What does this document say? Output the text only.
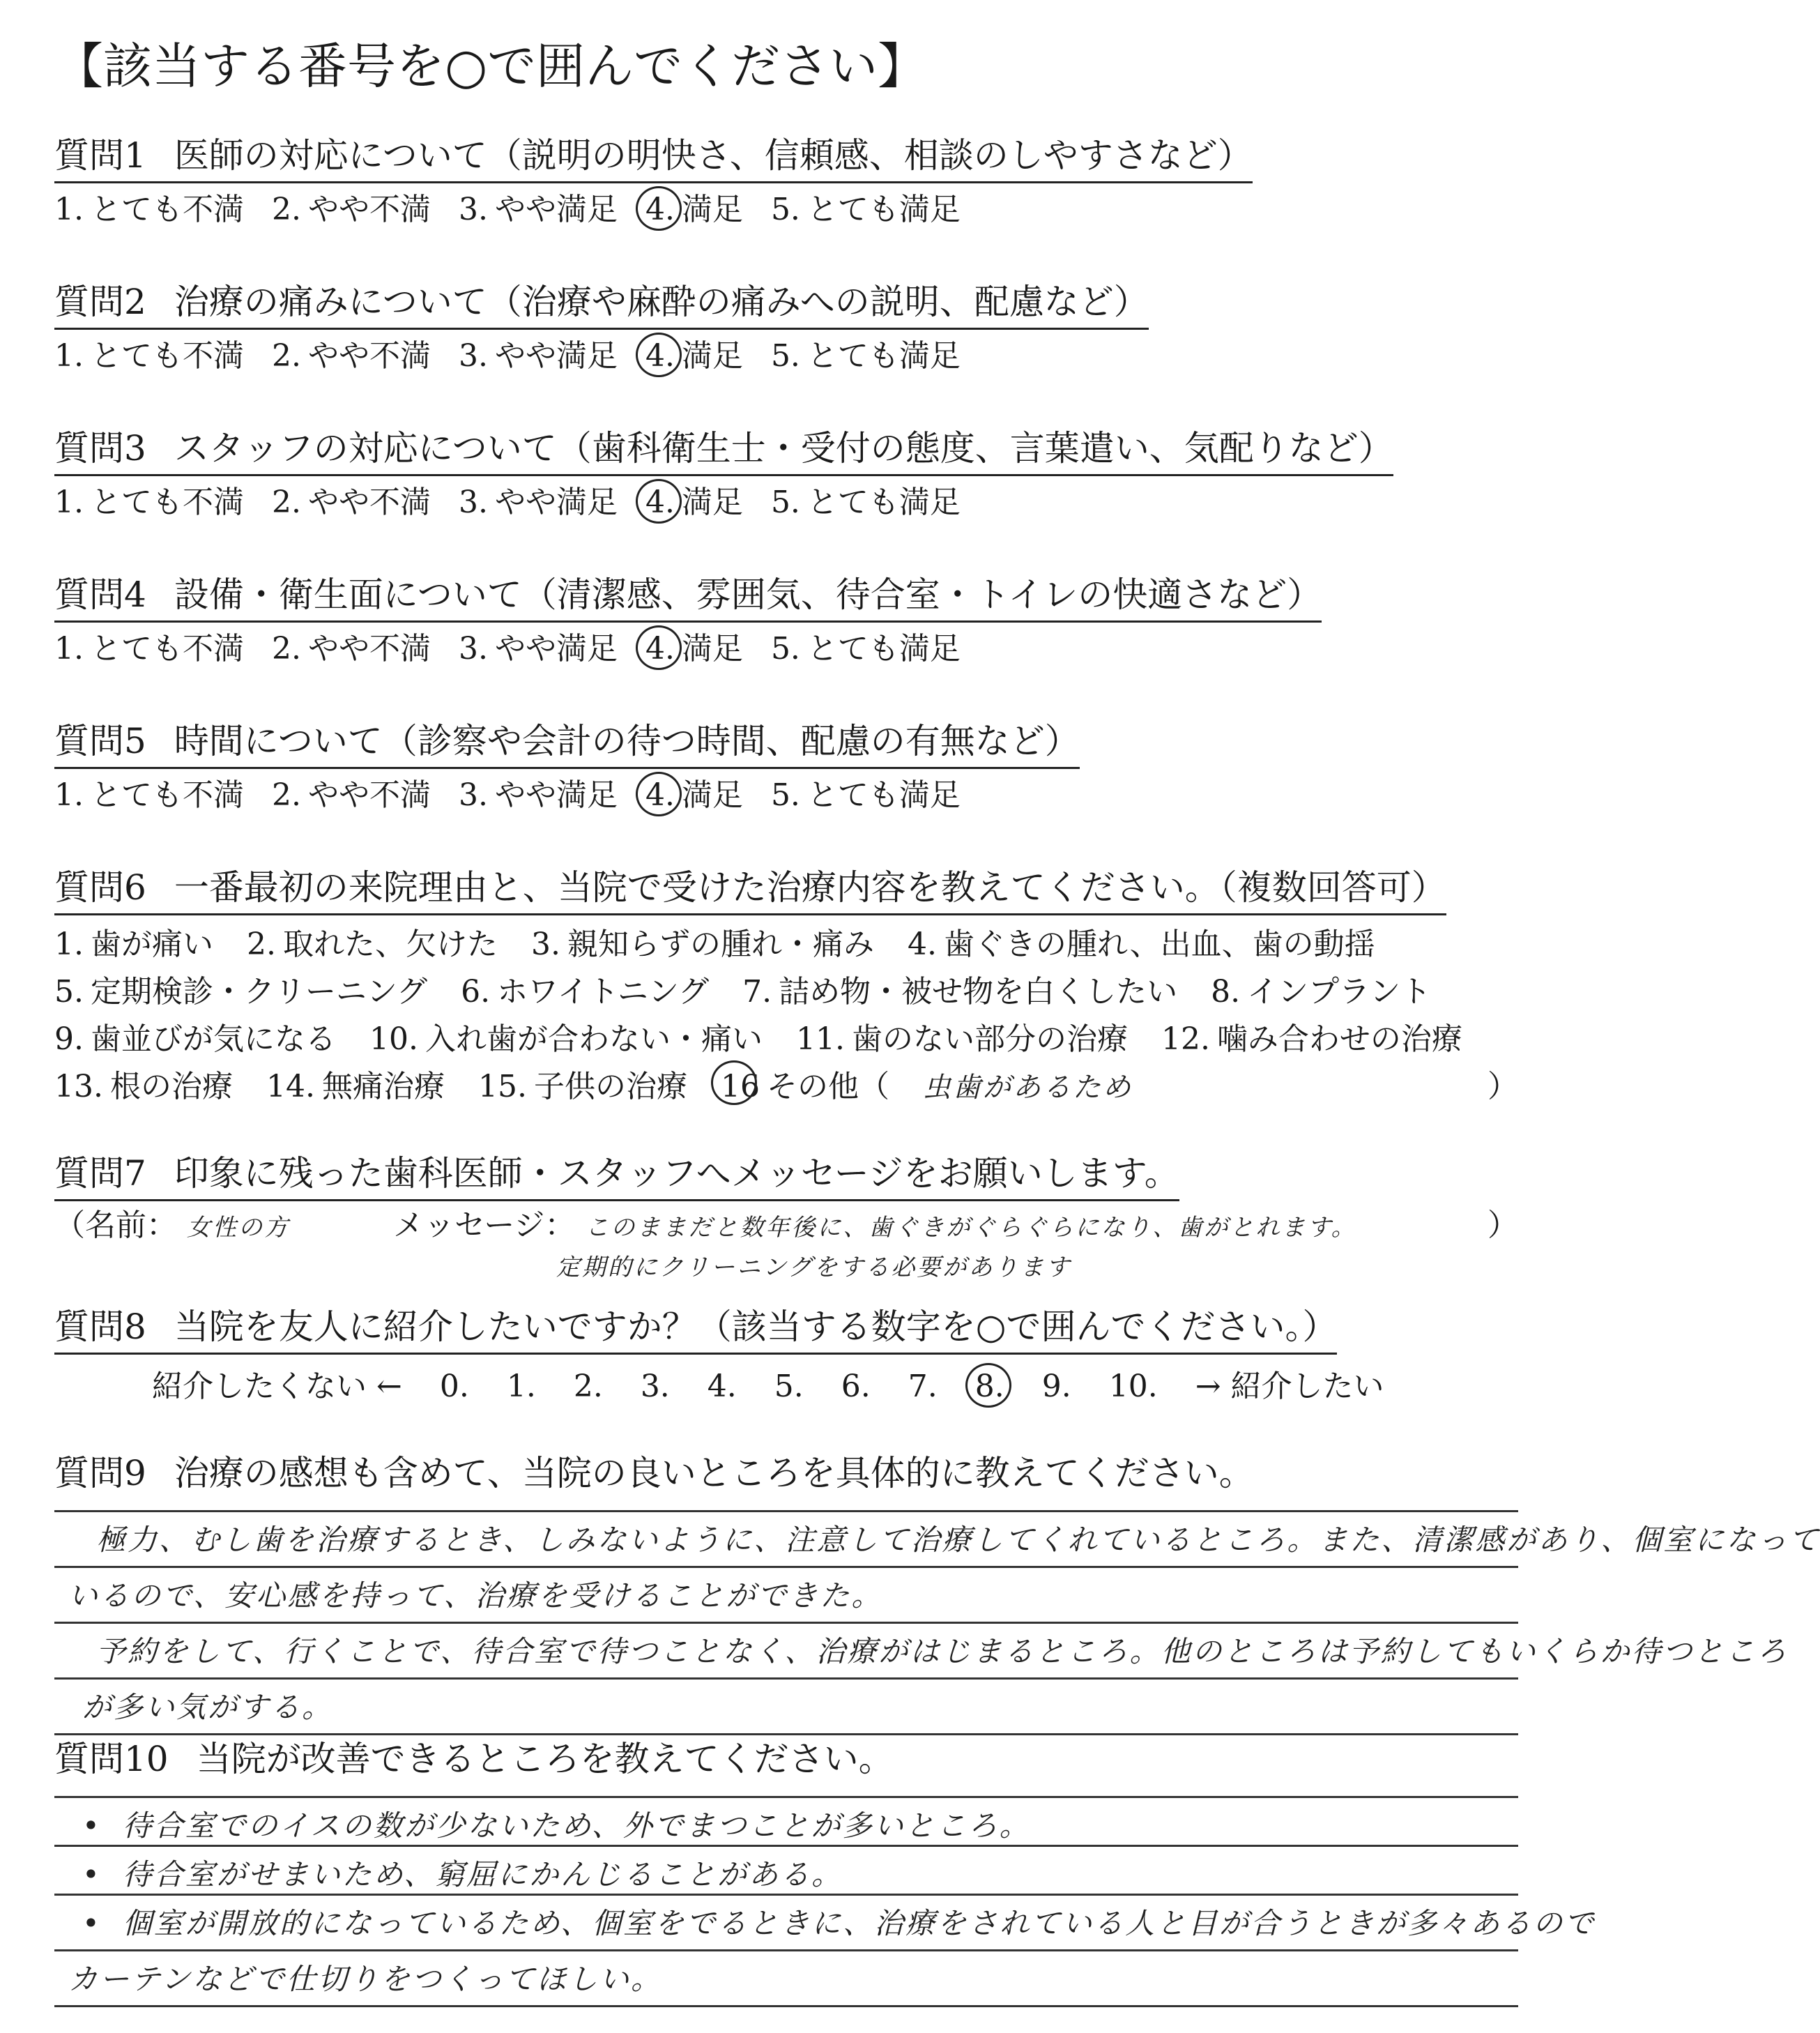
【該当する番号を○で囲んでください】
質問1 医師の対応について（説明の明快さ、信頼感、相談のしやすさなど）
1. とても不満 2. やや不満 3. やや満足 4. 満足 5. とても満足
質問2 治療の痛みについて（治療や麻酔の痛みへの説明、配慮など）
1. とても不満 2. やや不満 3. やや満足 4. 満足 5. とても満足
質問3 スタッフの対応について（歯科衛生士・受付の態度、言葉遣い、気配りなど）
1. とても不満 2. やや不満 3. やや満足 4. 満足 5. とても満足
質問4 設備・衛生面について（清潔感、雰囲気、待合室・トイレの快適さなど）
1. とても不満 2. やや不満 3. やや満足 4. 満足 5. とても満足
質問5 時間について（診察や会計の待つ時間、配慮の有無など）
1. とても不満 2. やや不満 3. やや満足 4. 満足 5. とても満足
質問6 一番最初の来院理由と、当院で受けた治療内容を教えてください。（複数回答可）
1. 歯が痛い 2. 取れた、欠けた 3. 親知らずの腫れ・痛み 4. 歯ぐきの腫れ、出血、歯の動揺
5. 定期検診・クリーニング 6. ホワイトニング 7. 詰め物・被せ物を白くしたい 8. インプラント
9. 歯並びが気になる 10. 入れ歯が合わない・痛い 11. 歯のない部分の治療 12. 噛み合わせの治療
13. 根の治療 14. 無痛治療 15. 子供の治療 16 その他（ 虫歯があるため	）
質問7 印象に残った歯科医師・スタッフへメッセージをお願いします。
（名前： 女性の方	メッセージ： このままだと数年後に、歯ぐきがぐらぐらになり、歯がとれます。	）
定期的にクリーニングをする必要があります
質問8 当院を友人に紹介したいですか？（該当する数字を○で囲んでください。）
紹介したくない ← 0. 1. 2. 3. 4. 5. 6. 7. 8. 9. 10. → 紹介したい
質問9 治療の感想も含めて、当院の良いところを具体的に教えてください。
極力、むし歯を治療するとき、しみないように、注意して治療してくれているところ。また、清潔感があり、個室になって
いるので、安心感を持って、治療を受けることができた。
予約をして、行くことで、待合室で待つことなく、治療がはじまるところ。他のところは予約してもいくらか待つところ
が多い気がする。
質問10 当院が改善できるところを教えてください。
• 待合室でのイスの数が少ないため、外でまつことが多いところ。
• 待合室がせまいため、窮屈にかんじることがある。
• 個室が開放的になっているため、個室をでるときに、治療をされている人と目が合うときが多々あるので
カーテンなどで仕切りをつくってほしい。
